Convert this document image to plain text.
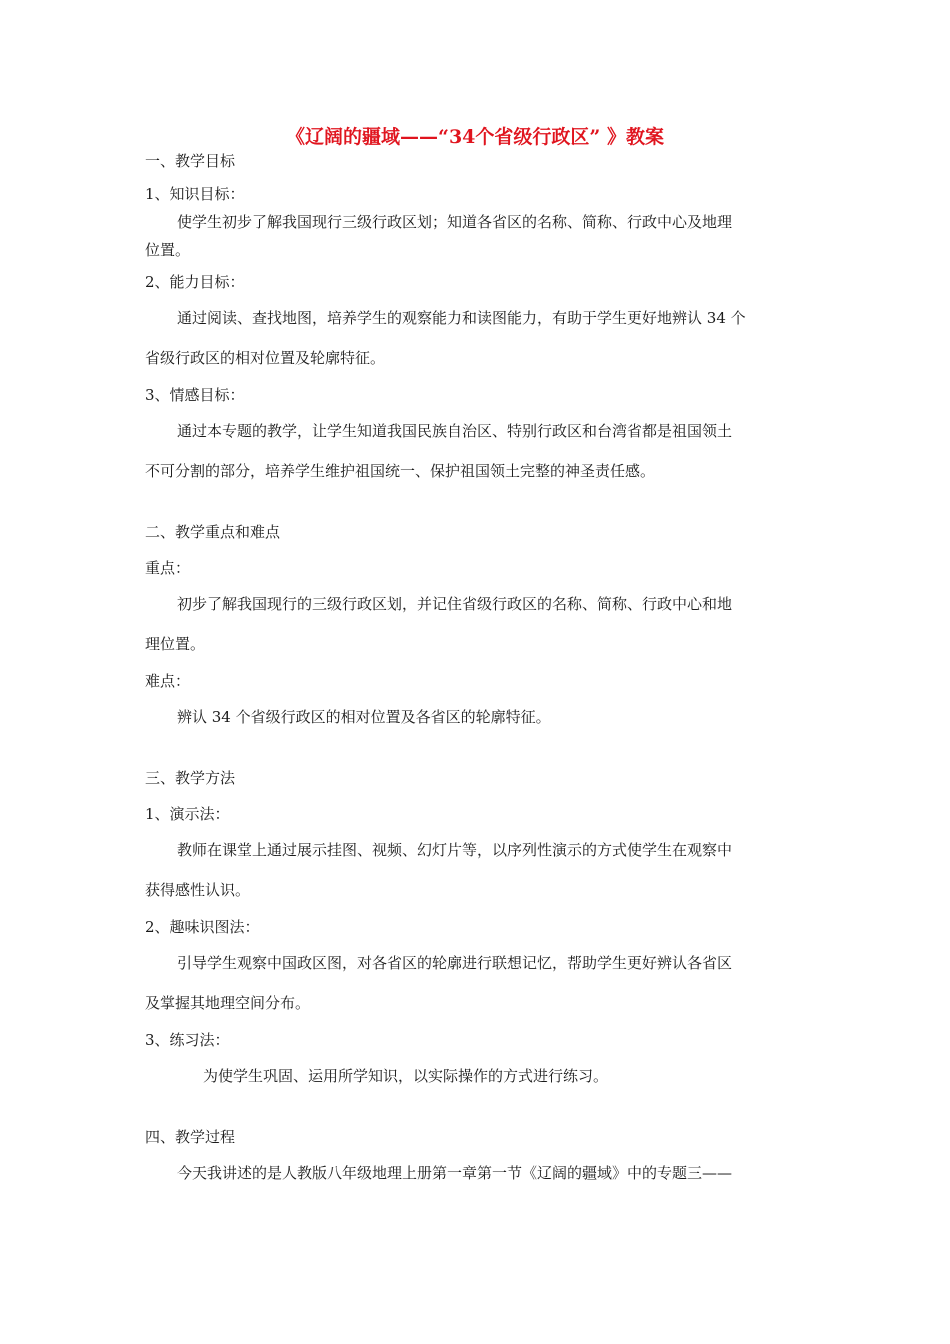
《辽阔的疆域——“34个省级行政区” 》教案
一、教学目标
1、知识目标：
使学生初步了解我国现行三级行政区划；知道各省区的名称、简称、行政中心及地理
位置。
2、能力目标：
通过阅读、查找地图，培养学生的观察能力和读图能力，有助于学生更好地辨认 34 个
省级行政区的相对位置及轮廓特征。
3、情感目标：
通过本专题的教学，让学生知道我国民族自治区、特别行政区和台湾省都是祖国领土
不可分割的部分，培养学生维护祖国统一、保护祖国领土完整的神圣责任感。
二、教学重点和难点
重点：
初步了解我国现行的三级行政区划，并记住省级行政区的名称、简称、行政中心和地
理位置。
难点：
辨认 34 个省级行政区的相对位置及各省区的轮廓特征。
三、教学方法
1、演示法：
教师在课堂上通过展示挂图、视频、幻灯片等，以序列性演示的方式使学生在观察中
获得感性认识。
2、趣味识图法：
引导学生观察中国政区图，对各省区的轮廓进行联想记忆，帮助学生更好辨认各省区
及掌握其地理空间分布。
3、练习法：
为使学生巩固、运用所学知识，以实际操作的方式进行练习。
四、教学过程
今天我讲述的是人教版八年级地理上册第一章第一节《辽阔的疆域》中的专题三——
